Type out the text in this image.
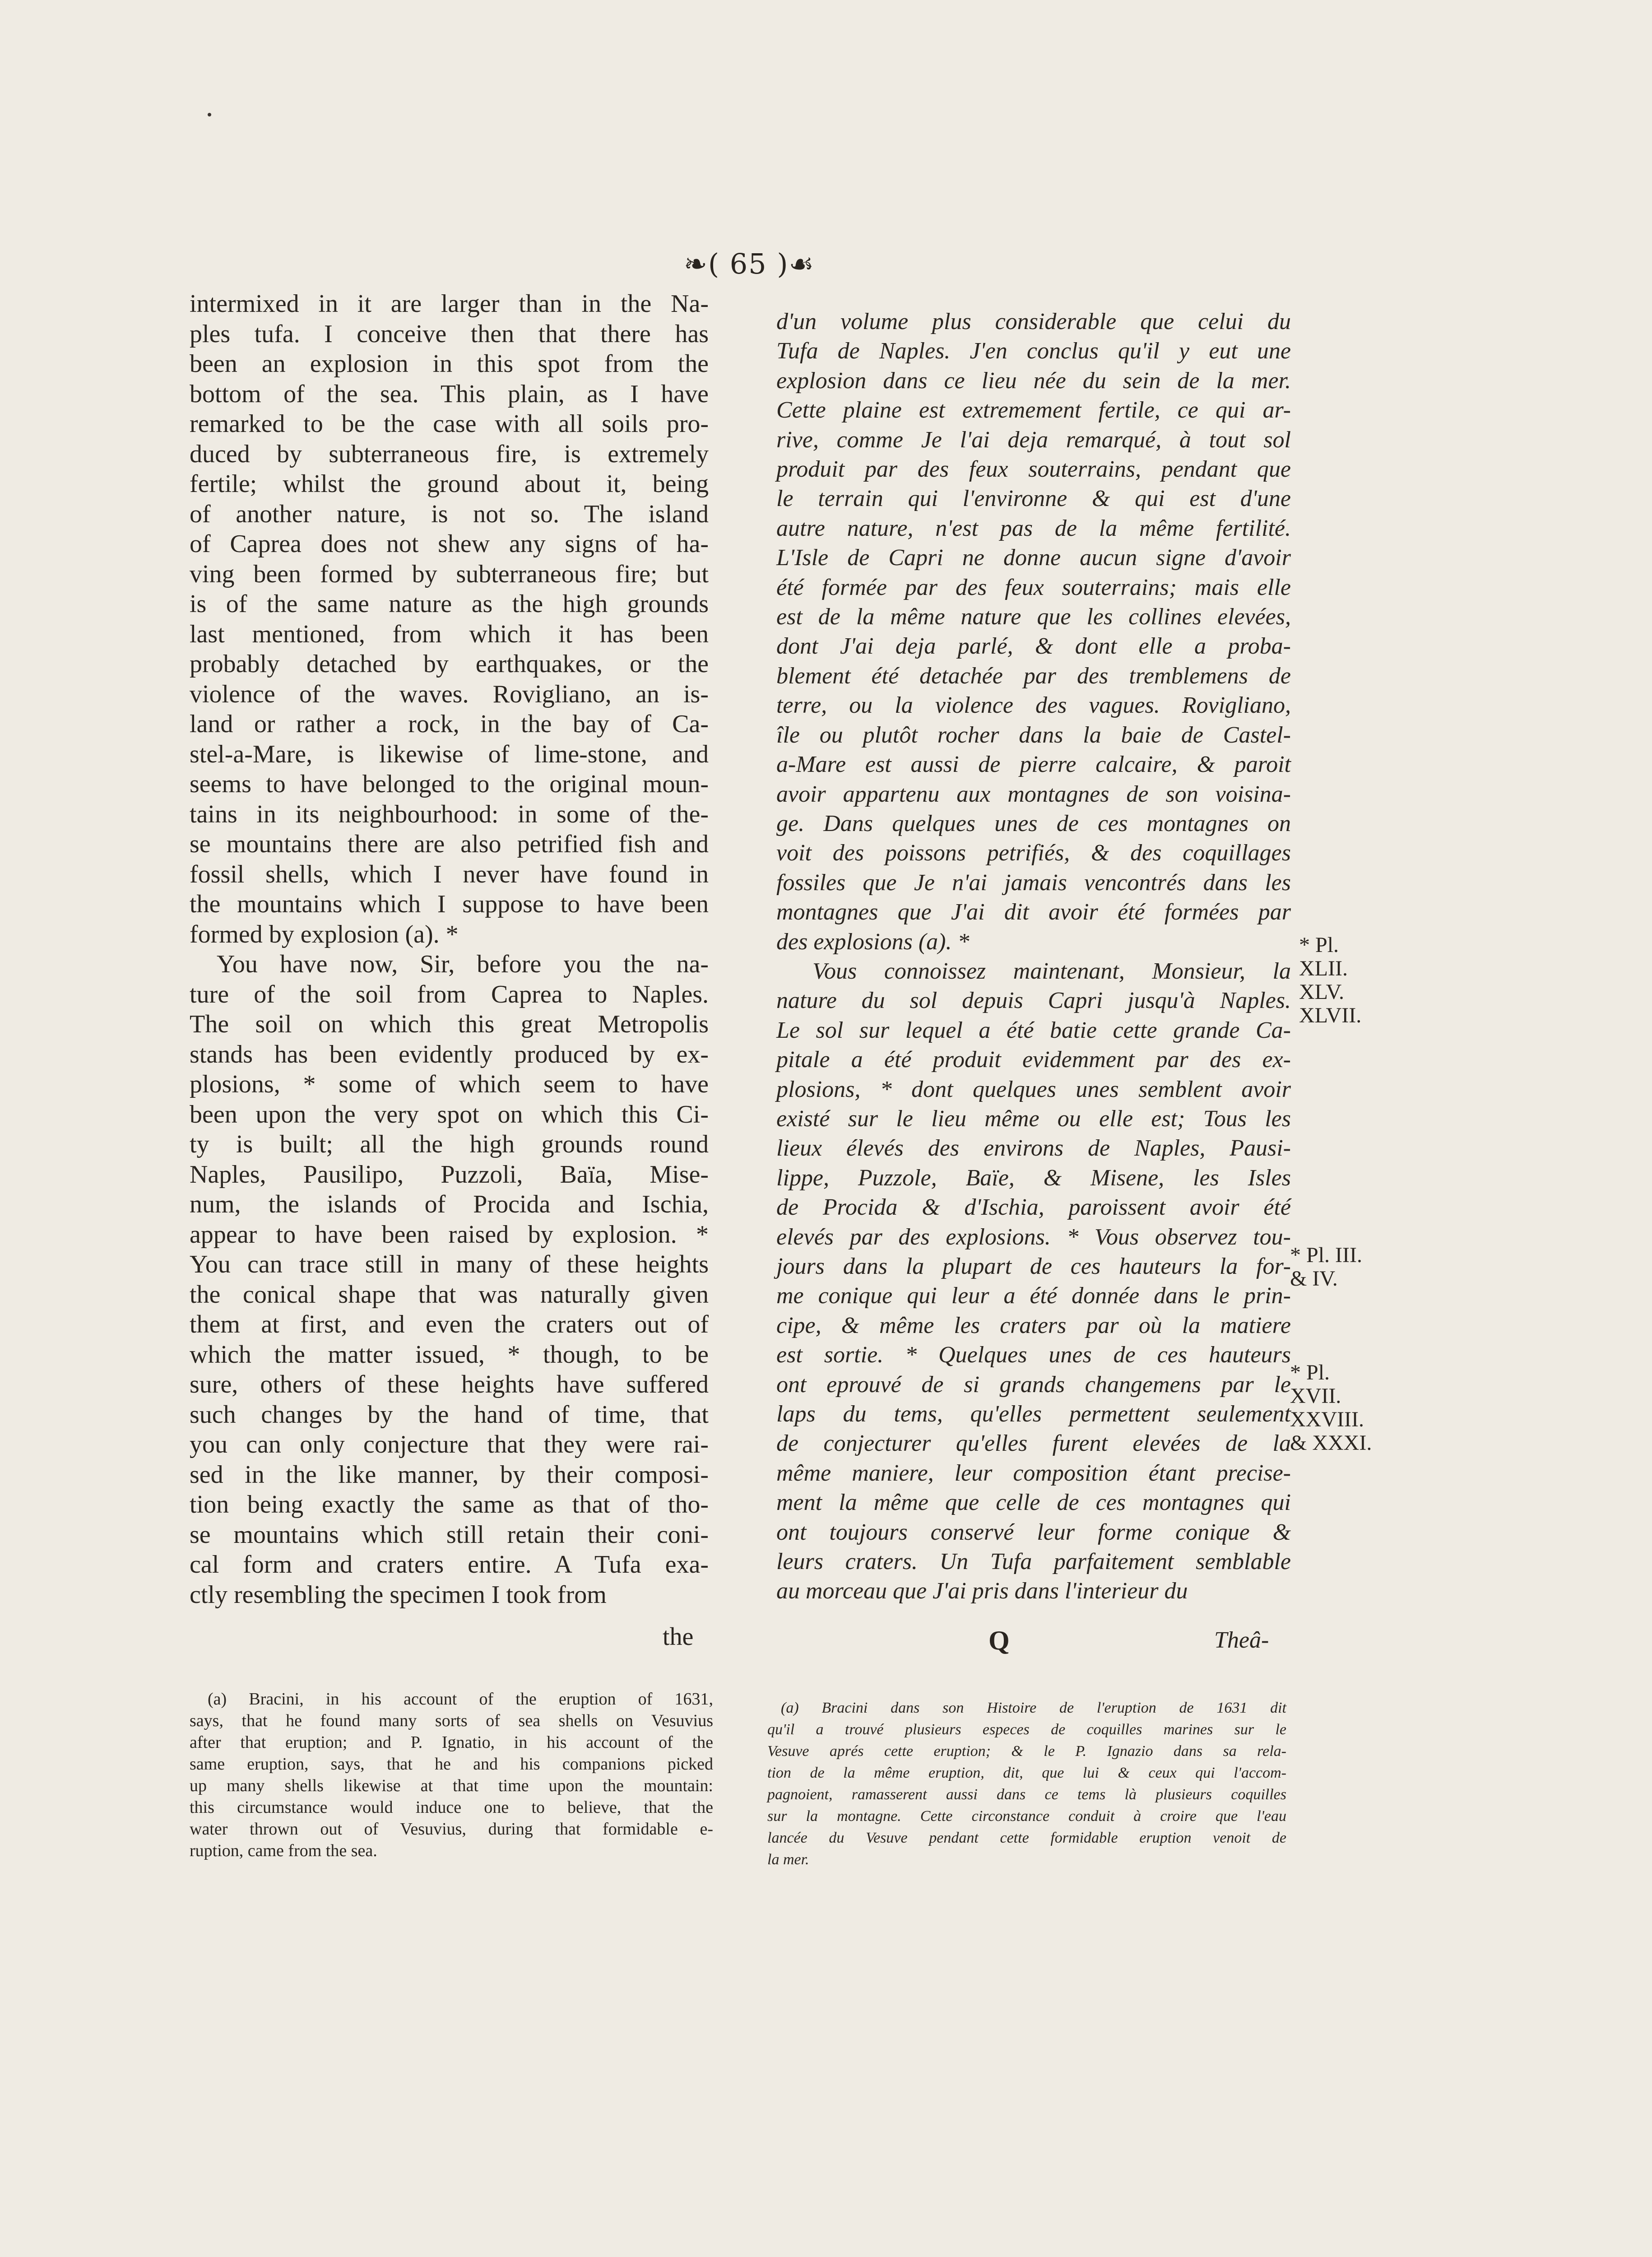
❧( 65 )☙
intermixed in it are larger than in the Na-
ples tufa. I conceive then that there has
been an explosion in this spot from the
bottom of the sea. This plain, as I have
remarked to be the case with all soils pro-
duced by subterraneous fire, is extremely
fertile; whilst the ground about it, being
of another nature, is not so. The island
of Caprea does not shew any signs of ha-
ving been formed by subterraneous fire; but
is of the same nature as the high grounds
last mentioned, from which it has been
probably detached by earthquakes, or the
violence of the waves. Rovigliano, an is-
land or rather a rock, in the bay of Ca-
stel-a-Mare, is likewise of lime-stone, and
seems to have belonged to the original moun-
tains in its neighbourhood: in some of the-
se mountains there are also petrified fish and
fossil shells, which I never have found in
the mountains which I suppose to have been
formed by explosion (a). *
You have now, Sir, before you the na-
ture of the soil from Caprea to Naples.
The soil on which this great Metropolis
stands has been evidently produced by ex-
plosions, * some of which seem to have
been upon the very spot on which this Ci-
ty is built; all the high grounds round
Naples, Pausilipo, Puzzoli, Baïa, Mise-
num, the islands of Procida and Ischia,
appear to have been raised by explosion. *
You can trace still in many of these heights
the conical shape that was naturally given
them at first, and even the craters out of
which the matter issued, * though, to be
sure, others of these heights have suffered
such changes by the hand of time, that
you can only conjecture that they were rai-
sed in the like manner, by their composi-
tion being exactly the same as that of tho-
se mountains which still retain their coni-
cal form and craters entire. A Tufa exa-
ctly resembling the specimen I took from
the
d'un volume plus considerable que celui du
Tufa de Naples. J'en conclus qu'il y eut une
explosion dans ce lieu née du sein de la mer.
Cette plaine est extremement fertile, ce qui ar-
rive, comme Je l'ai deja remarqué, à tout sol
produit par des feux souterrains, pendant que
le terrain qui l'environne & qui est d'une
autre nature, n'est pas de la même fertilité.
L'Isle de Capri ne donne aucun signe d'avoir
été formée par des feux souterrains; mais elle
est de la même nature que les collines elevées,
dont J'ai deja parlé, & dont elle a proba-
blement été detachée par des tremblemens de
terre, ou la violence des vagues. Rovigliano,
île ou plutôt rocher dans la baie de Castel-
a-Mare est aussi de pierre calcaire, & paroit
avoir appartenu aux montagnes de son voisina-
ge. Dans quelques unes de ces montagnes on
voit des poissons petrifiés, & des coquillages
fossiles que Je n'ai jamais vencontrés dans les
montagnes que J'ai dit avoir été formées par
des explosions (a). *
Vous connoissez maintenant, Monsieur, la
nature du sol depuis Capri jusqu'à Naples.
Le sol sur lequel a été batie cette grande Ca-
pitale a été produit evidemment par des ex-
plosions, * dont quelques unes semblent avoir
existé sur le lieu même ou elle est; Tous les
lieux élevés des environs de Naples, Pausi-
lippe, Puzzole, Baïe, & Misene, les Isles
de Procida & d'Ischia, paroissent avoir été
elevés par des explosions. * Vous observez tou-
jours dans la plupart de ces hauteurs la for-
me conique qui leur a été donnée dans le prin-
cipe, & même les craters par où la matiere
est sortie. * Quelques unes de ces hauteurs
ont eprouvé de si grands changemens par le
laps du tems, qu'elles permettent seulement
de conjecturer qu'elles furent elevées de la
même maniere, leur composition étant precise-
ment la même que celle de ces montagnes qui
ont toujours conservé leur forme conique &
leurs craters. Un Tufa parfaitement semblable
au morceau que J'ai pris dans l'interieur du
Q	Theâ-
* Pl.
XLII.
XLV.
XLVII.
* Pl. III.
& IV.
* Pl.
XVII.
XXVIII.
& XXXI.
(a) Bracini, in his account of the eruption of 1631,
says, that he found many sorts of sea shells on Vesuvius
after that eruption; and P. Ignatio, in his account of the
same eruption, says, that he and his companions picked
up many shells likewise at that time upon the mountain:
this circumstance would induce one to believe, that the
water thrown out of Vesuvius, during that formidable e-
ruption, came from the sea.
(a) Bracini dans son Histoire de l'eruption de 1631 dit
qu'il a trouvé plusieurs especes de coquilles marines sur le
Vesuve aprés cette eruption; & le P. Ignazio dans sa rela-
tion de la même eruption, dit, que lui & ceux qui l'accom-
pagnoient, ramasserent aussi dans ce tems là plusieurs coquilles
sur la montagne. Cette circonstance conduit à croire que l'eau
lancée du Vesuve pendant cette formidable eruption venoit de
la mer.
